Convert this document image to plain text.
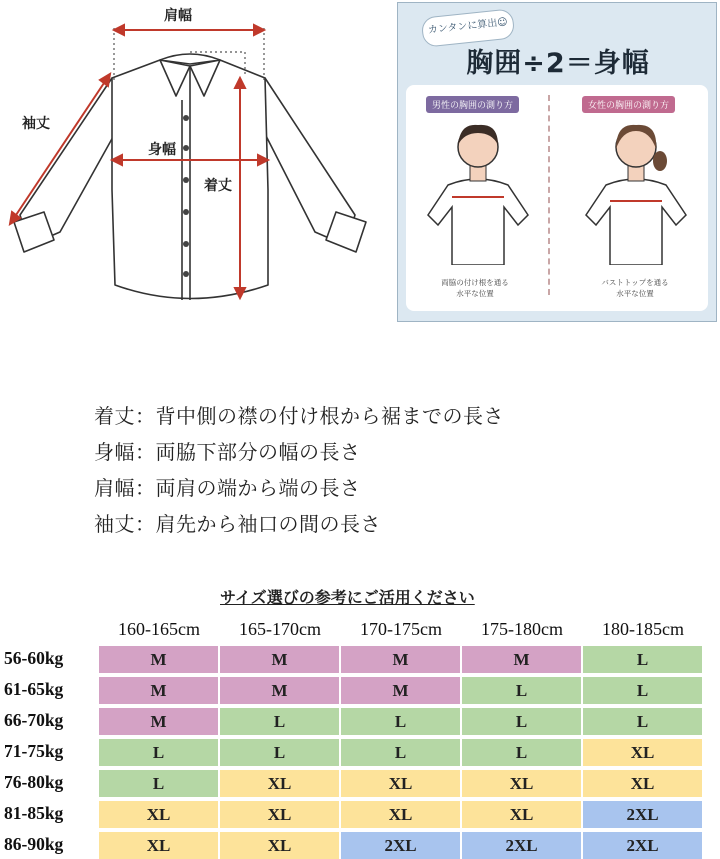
肩幅
袖丈
身幅
着丈
カンタンに算出☺
胸囲÷2＝身幅
男性の胸囲の測り方	女性の胸囲の測り方
両脇の付け根を通る
水平な位置
バストトップを通る
水平な位置
着丈：背中側の襟の付け根から裾までの長さ
身幅：両脇下部分の幅の長さ
肩幅：両肩の端から端の長さ
袖丈：肩先から袖口の間の長さ
サイズ選びの参考にご活用ください
160-165cm	165-170cm	170-175cm	175-180cm	180-185cm
56-60kg	M	M	M	M	L
61-65kg	M	M	M	L	L
66-70kg	M	L	L	L	L
71-75kg	L	L	L	L	XL
76-80kg	L	XL	XL	XL	XL
81-85kg	XL	XL	XL	XL	2XL
86-90kg	XL	XL	2XL	2XL	2XL
